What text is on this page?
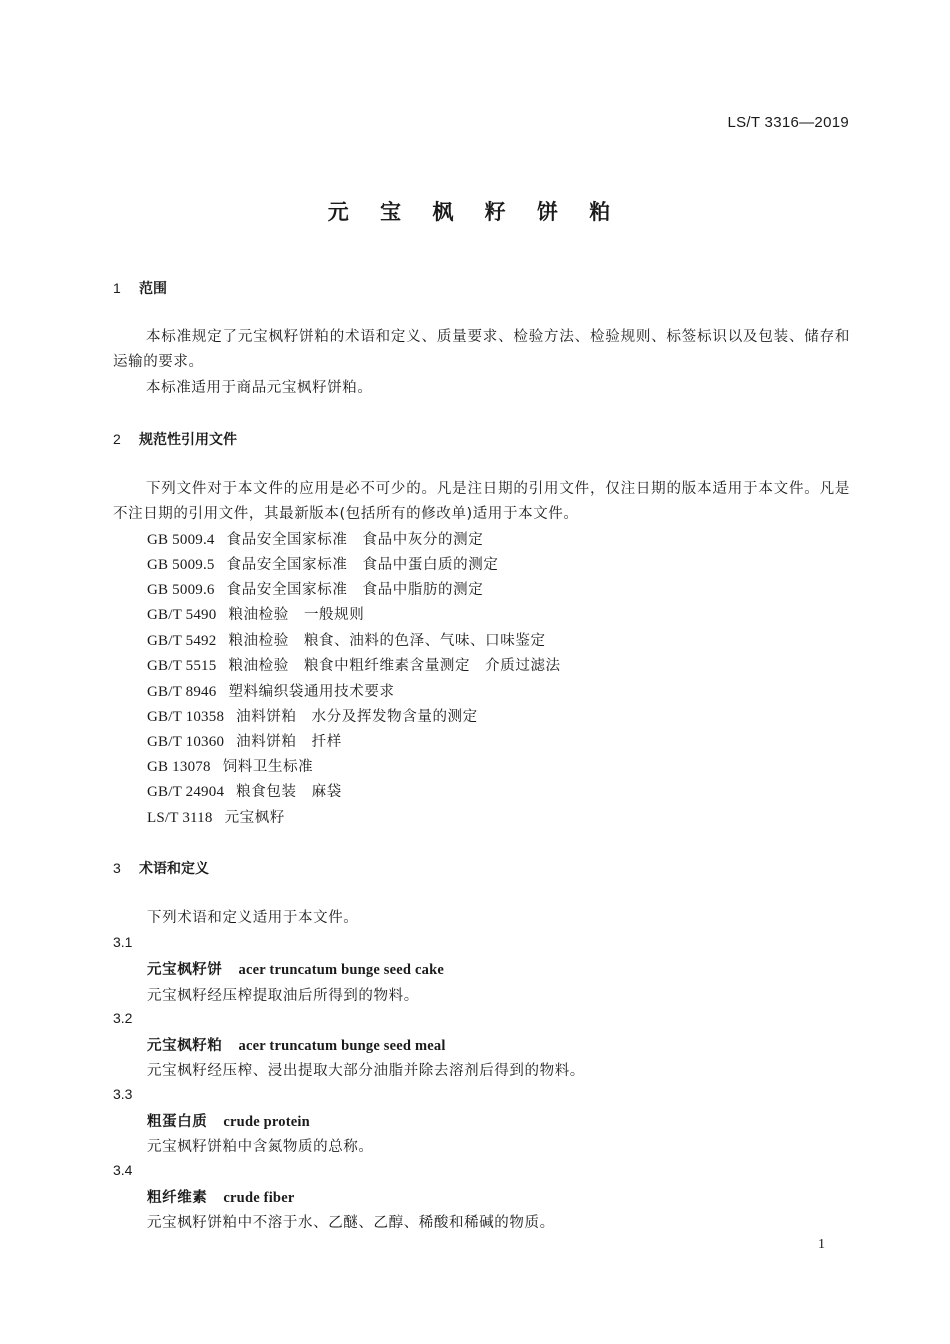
LS/T 3316—2019
元 宝 枫 籽 饼 粕
1 范围
本标准规定了元宝枫籽饼粕的术语和定义、质量要求、检验方法、检验规则、标签标识以及包装、储存和运输的要求。
本标准适用于商品元宝枫籽饼粕。
2 规范性引用文件
下列文件对于本文件的应用是必不可少的。凡是注日期的引用文件，仅注日期的版本适用于本文件。凡是不注日期的引用文件，其最新版本(包括所有的修改单)适用于本文件。
GB 5009.4 食品安全国家标准　食品中灰分的测定
GB 5009.5 食品安全国家标准　食品中蛋白质的测定
GB 5009.6 食品安全国家标准　食品中脂肪的测定
GB/T 5490 粮油检验　一般规则
GB/T 5492 粮油检验　粮食、油料的色泽、气味、口味鉴定
GB/T 5515 粮油检验　粮食中粗纤维素含量测定　介质过滤法
GB/T 8946 塑料编织袋通用技术要求
GB/T 10358 油料饼粕　水分及挥发物含量的测定
GB/T 10360 油料饼粕　扦样
GB 13078 饲料卫生标准
GB/T 24904 粮食包装　麻袋
LS/T 3118 元宝枫籽
3 术语和定义
下列术语和定义适用于本文件。
3.1
元宝枫籽饼 acer truncatum bunge seed cake
元宝枫籽经压榨提取油后所得到的物料。
3.2
元宝枫籽粕 acer truncatum bunge seed meal
元宝枫籽经压榨、浸出提取大部分油脂并除去溶剂后得到的物料。
3.3
粗蛋白质 crude protein
元宝枫籽饼粕中含氮物质的总称。
3.4
粗纤维素 crude fiber
元宝枫籽饼粕中不溶于水、乙醚、乙醇、稀酸和稀碱的物质。
1
